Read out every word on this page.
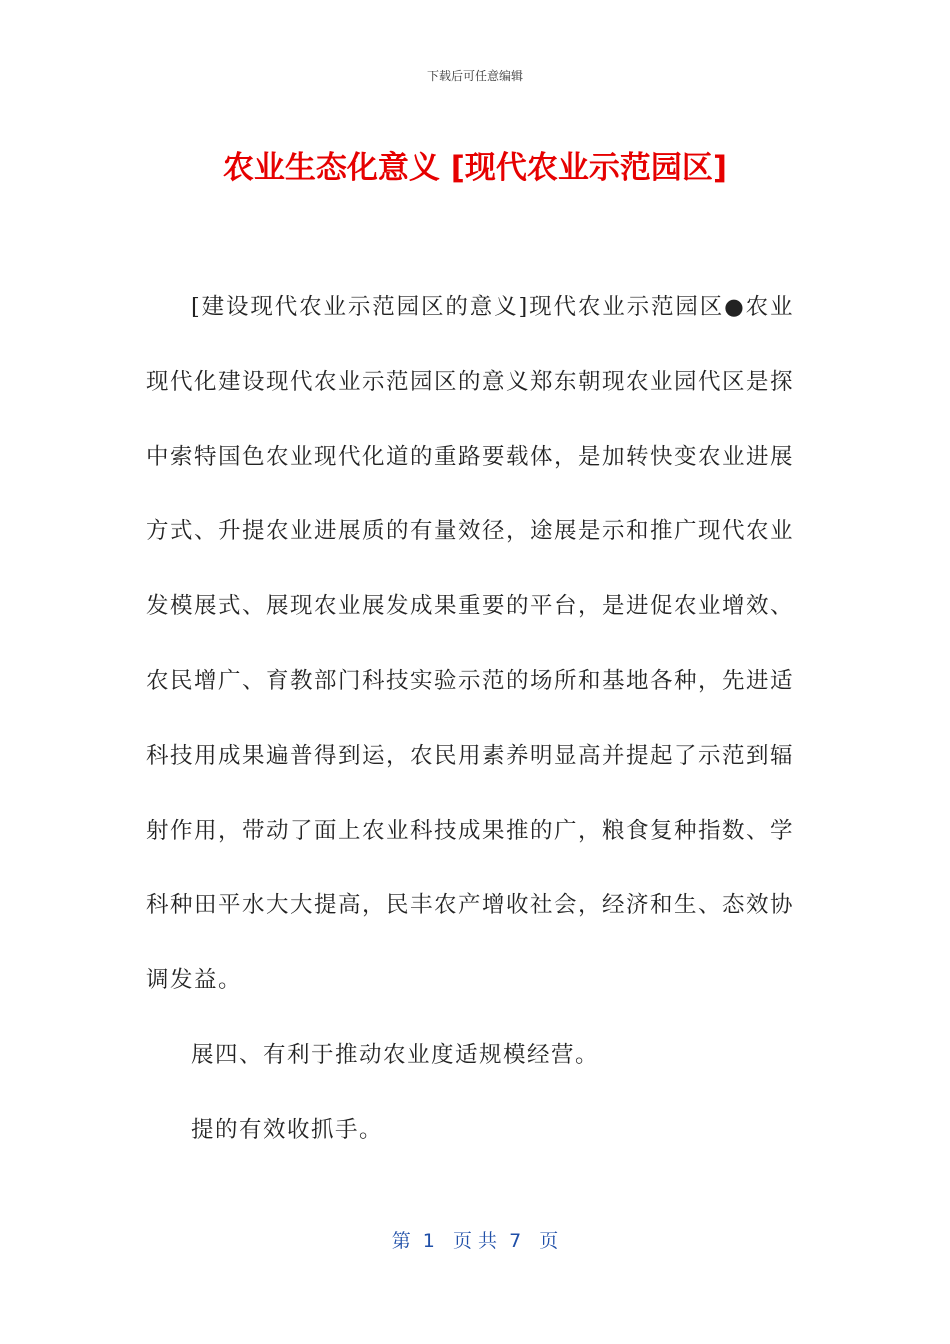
下载后可任意编辑
农业生态化意义 [现代农业示范园区]

[建设现代农业示范园区的意义]现代农业示范园区●农业现代化建设现代农业示范园区的意义郑东朝现农业园代区是探中索特国色农业现代化道的重路要载体，是加转快变农业进展方式、升提农业进展质的有量效径，途展是示和推广现代农业发模展式、展现农业展发成果重要的平台，是进促农业增效、农民增广、育教部门科技实验示范的场所和基地各种，先进适科技用成果遍普得到运，农民用素养明显高并提起了示范到辐射作用，带动了面上农业科技成果推的广，粮食复种指数、学科种田平水大大提高，民丰农产增收社会，经济和生、态效协调发益。

展四、有利于推动农业度适规模经营。

提的有效收抓手。

第  1   页 共  7   页
